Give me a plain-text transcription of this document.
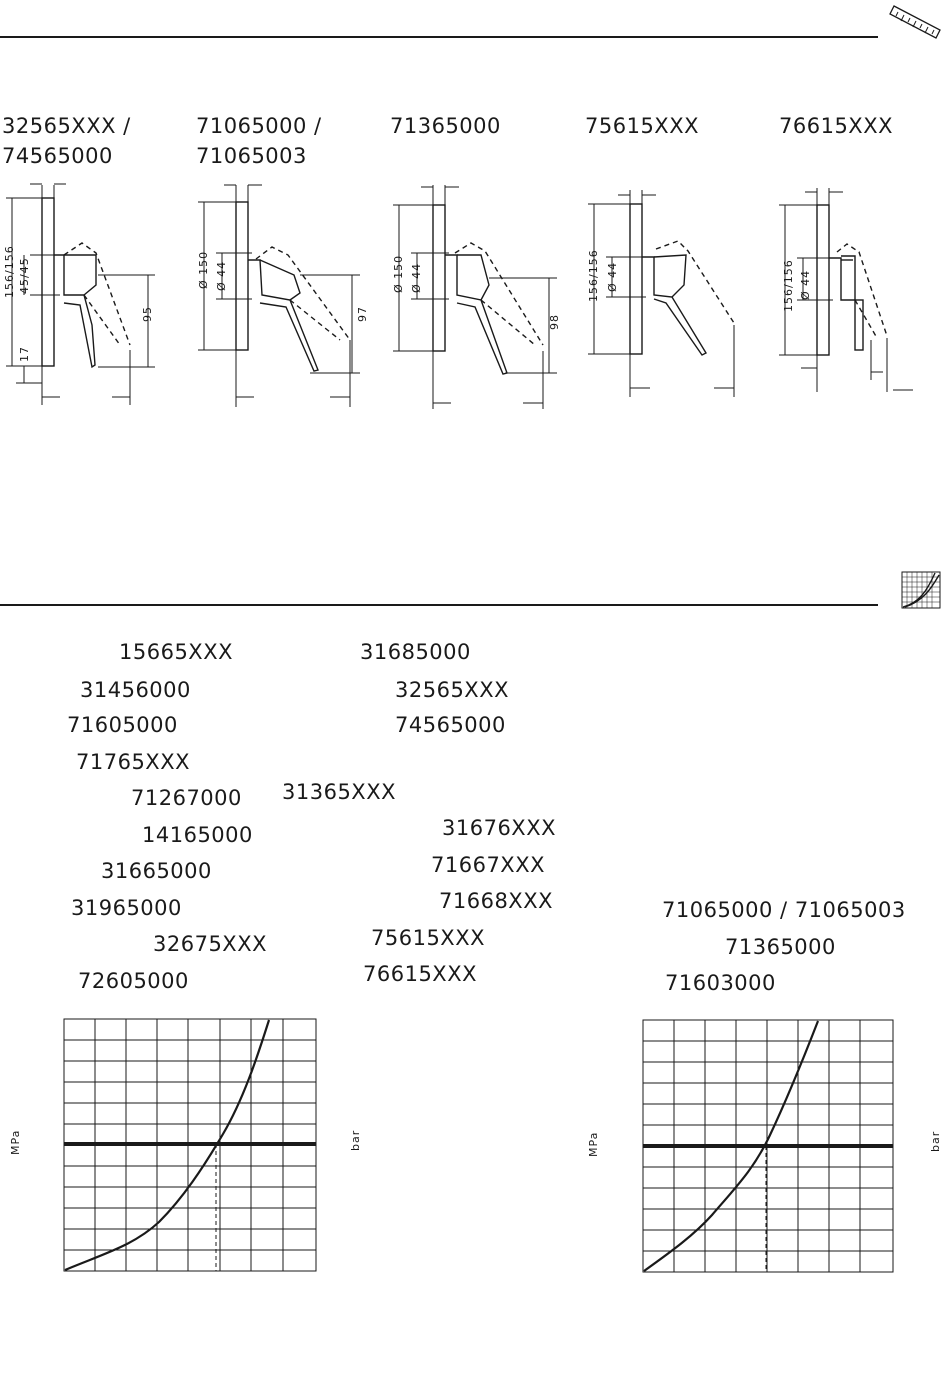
32565XXX /
74565000
71065000 /
71065003
71365000	75615XXX	76615XXX
156/156 45/45
17
95
Ø 150 Ø 44
97
Ø 150 Ø 44
98
156/156 Ø 44	156/156 Ø 44
15665XXX
31456000
71605000
71765XXX
71267000
14165000
31665000
31965000
32675XXX
72605000
31685000
32565XXX
74565000
31365XXX
31676XXX
71667XXX
71668XXX
75615XXX
76615XXX
71065000 / 71065003
71365000
71603000
MPa	bar	MPa	bar
